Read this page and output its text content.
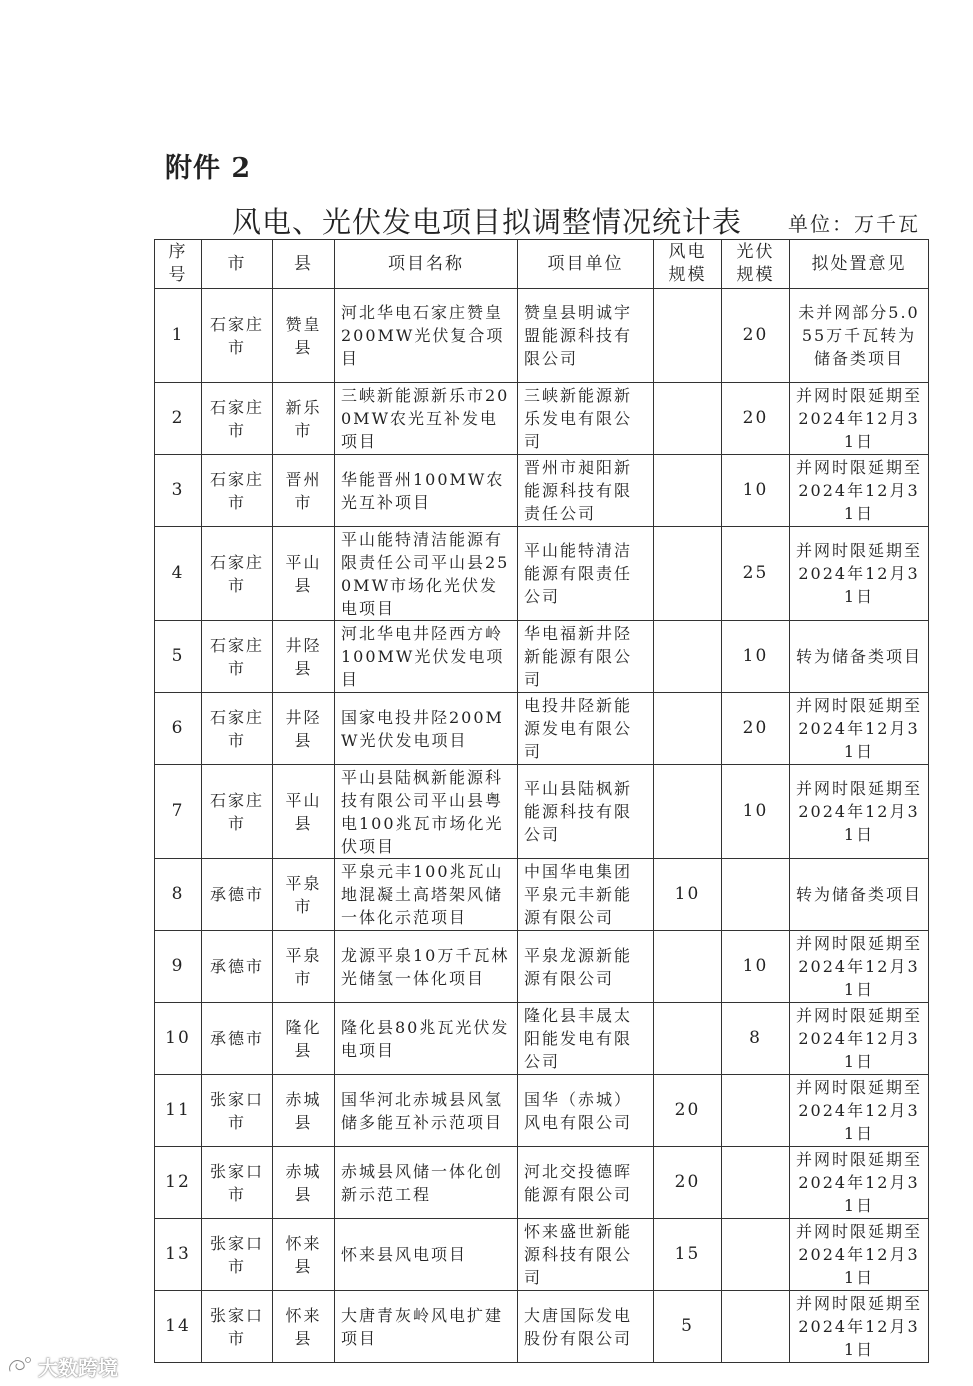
附件 2
风电、光伏发电项目拟调整情况统计表 单位：万千瓦
序号	市	县	项目名称	项目单位	风电规模	光伏规模	拟处置意见
1	石家庄市	赞皇县	河北华电石家庄赞皇200MW光伏复合项目	赞皇县明诚宇盟能源科技有限公司		20	未并网部分5.055万千瓦转为储备类项目
2	石家庄市	新乐市	三峡新能源新乐市200MW农光互补发电项目	三峡新能源新乐发电有限公司		20	并网时限延期至2024年12月31日
3	石家庄市	晋州市	华能晋州100MW农光互补项目	晋州市昶阳新能源科技有限责任公司		10	并网时限延期至2024年12月31日
4	石家庄市	平山县	平山能特清洁能源有限责任公司平山县250MW市场化光伏发电项目	平山能特清洁能源有限责任公司		25	并网时限延期至2024年12月31日
5	石家庄市	井陉县	河北华电井陉西方岭100MW光伏发电项目	华电福新井陉新能源有限公司		10	转为储备类项目
6	石家庄市	井陉县	国家电投井陉200MW光伏发电项目	电投井陉新能源发电有限公司		20	并网时限延期至2024年12月31日
7	石家庄市	平山县	平山县陆枫新能源科技有限公司平山县粤电100兆瓦市场化光伏项目	平山县陆枫新能源科技有限公司		10	并网时限延期至2024年12月31日
8	承德市	平泉市	平泉元丰100兆瓦山地混凝土高塔架风储一体化示范项目	中国华电集团平泉元丰新能源有限公司	10		转为储备类项目
9	承德市	平泉市	龙源平泉10万千瓦林光储氢一体化项目	平泉龙源新能源有限公司		10	并网时限延期至2024年12月31日
10	承德市	隆化县	隆化县80兆瓦光伏发电项目	隆化县丰晟太阳能发电有限公司		8	并网时限延期至2024年12月31日
11	张家口市	赤城县	国华河北赤城县风氢储多能互补示范项目	国华（赤城）风电有限公司	20		并网时限延期至2024年12月31日
12	张家口市	赤城县	赤城县风储一体化创新示范工程	河北交投德晖能源有限公司	20		并网时限延期至2024年12月31日
13	张家口市	怀来县	怀来县风电项目	怀来盛世新能源科技有限公司	15		并网时限延期至2024年12月31日
14	张家口市	怀来县	大唐青灰岭风电扩建项目	大唐国际发电股份有限公司	5		并网时限延期至2024年12月31日
大数跨境
